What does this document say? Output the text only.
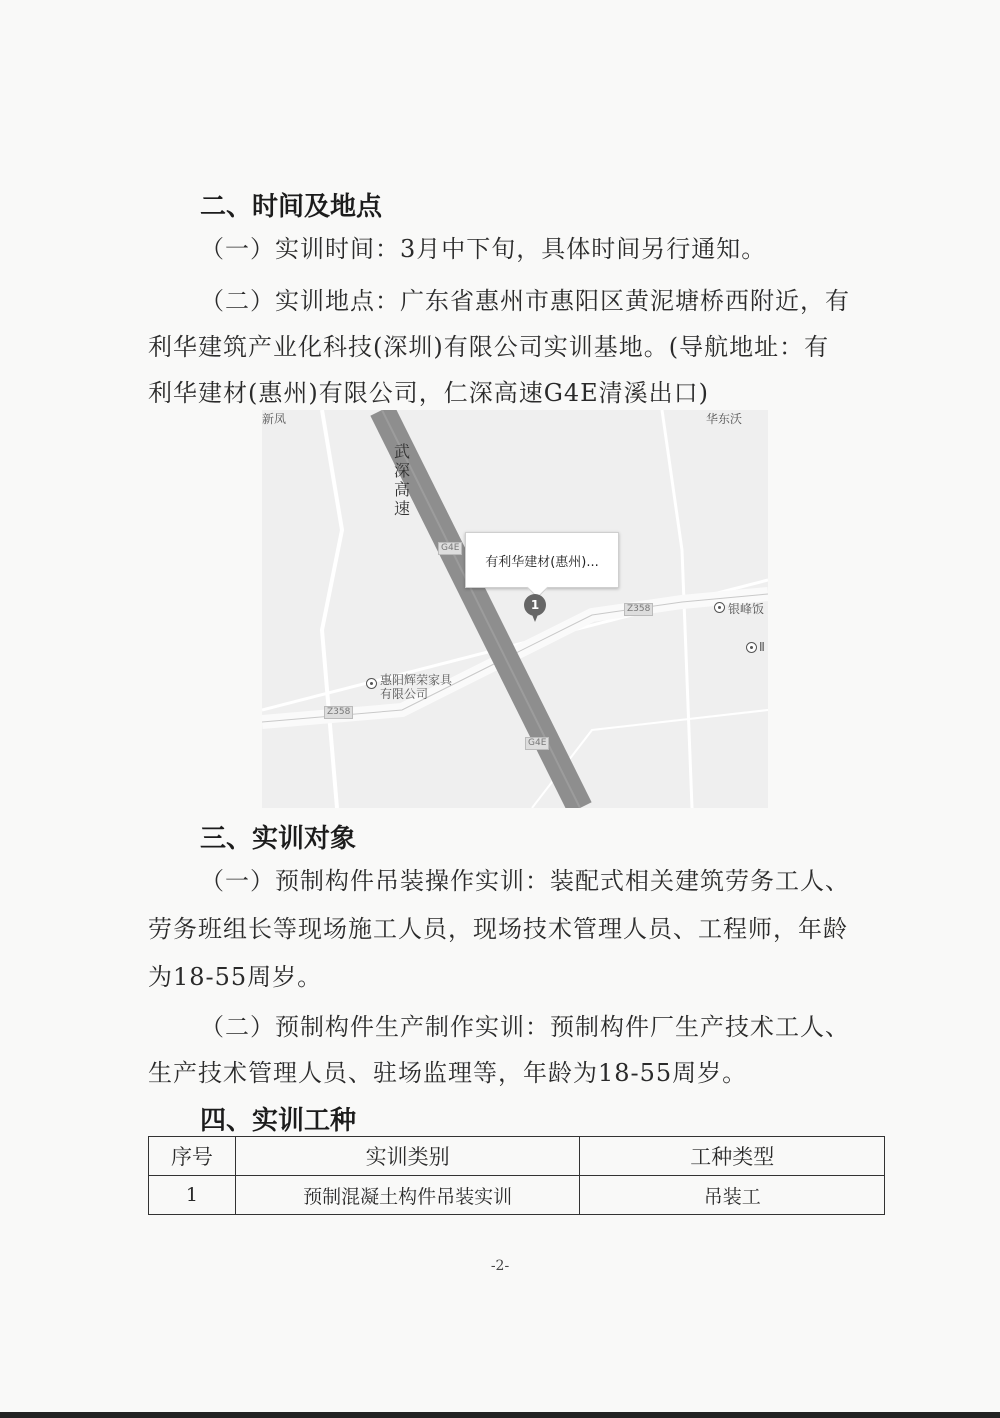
二、时间及地点
（一）实训时间：3月中下旬，具体时间另行通知。
（二）实训地点：广东省惠州市惠阳区黄泥塘桥西附近，有
利华建筑产业化科技(深圳)有限公司实训基地。(导航地址：有
利华建材(惠州)有限公司，仁深高速G4E清溪出口)
新凤	华东沃
武深高速
G4E
G4E
Z358
Z358
有利华建材(惠州)...
1
惠阳辉荣家具
有限公司
银峰饭
Ⅱ
三、实训对象
（一）预制构件吊装操作实训：装配式相关建筑劳务工人、
劳务班组长等现场施工人员，现场技术管理人员、工程师，年龄
为18-55周岁。
（二）预制构件生产制作实训：预制构件厂生产技术工人、
生产技术管理人员、驻场监理等，年龄为18-55周岁。
四、实训工种
序号	实训类别	工种类型
1	预制混凝土构件吊装实训	吊装工
-2-
